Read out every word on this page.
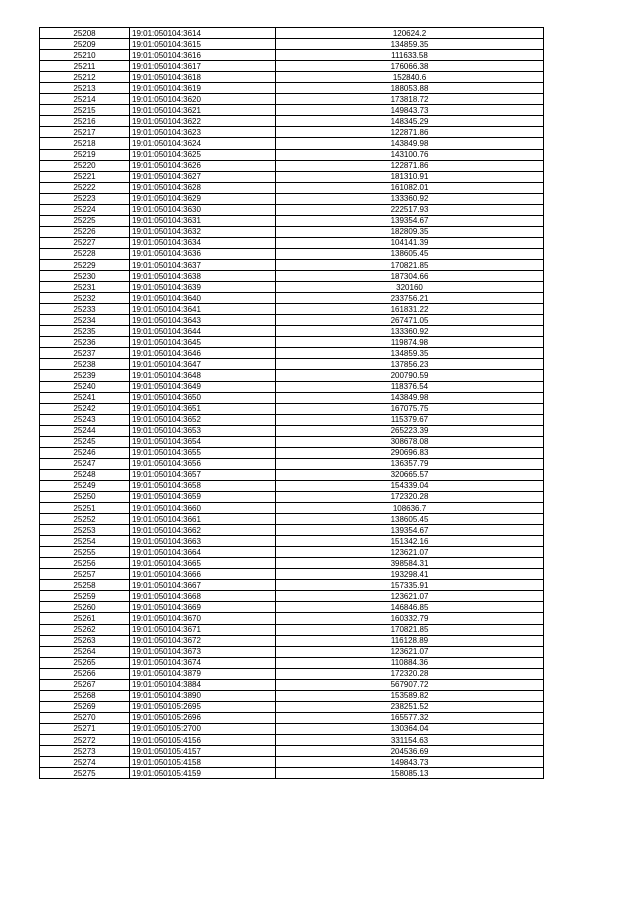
25208	19:01:050104:3614	120624.2
25209	19:01:050104:3615	134859.35
25210	19:01:050104:3616	111633.58
25211	19:01:050104:3617	176066.38
25212	19:01:050104:3618	152840.6
25213	19:01:050104:3619	188053.88
25214	19:01:050104:3620	173818.72
25215	19:01:050104:3621	149843.73
25216	19:01:050104:3622	148345.29
25217	19:01:050104:3623	122871.86
25218	19:01:050104:3624	143849.98
25219	19:01:050104:3625	143100.76
25220	19:01:050104:3626	122871.86
25221	19:01:050104:3627	181310.91
25222	19:01:050104:3628	161082.01
25223	19:01:050104:3629	133360.92
25224	19:01:050104:3630	222517.93
25225	19:01:050104:3631	139354.67
25226	19:01:050104:3632	182809.35
25227	19:01:050104:3634	104141.39
25228	19:01:050104:3636	138605.45
25229	19:01:050104:3637	170821.85
25230	19:01:050104:3638	187304.66
25231	19:01:050104:3639	320160
25232	19:01:050104:3640	233756.21
25233	19:01:050104:3641	161831.22
25234	19:01:050104:3643	267471.05
25235	19:01:050104:3644	133360.92
25236	19:01:050104:3645	119874.98
25237	19:01:050104:3646	134859.35
25238	19:01:050104:3647	137856.23
25239	19:01:050104:3648	200790.59
25240	19:01:050104:3649	118376.54
25241	19:01:050104:3650	143849.98
25242	19:01:050104:3651	167075.75
25243	19:01:050104:3652	115379.67
25244	19:01:050104:3653	265223.39
25245	19:01:050104:3654	308678.08
25246	19:01:050104:3655	290696.83
25247	19:01:050104:3656	136357.79
25248	19:01:050104:3657	320665.57
25249	19:01:050104:3658	154339.04
25250	19:01:050104:3659	172320.28
25251	19:01:050104:3660	108636.7
25252	19:01:050104:3661	138605.45
25253	19:01:050104:3662	139354.67
25254	19:01:050104:3663	151342.16
25255	19:01:050104:3664	123621.07
25256	19:01:050104:3665	398584.31
25257	19:01:050104:3666	193298.41
25258	19:01:050104:3667	157335.91
25259	19:01:050104:3668	123621.07
25260	19:01:050104:3669	146846.85
25261	19:01:050104:3670	160332.79
25262	19:01:050104:3671	170821.85
25263	19:01:050104:3672	116128.89
25264	19:01:050104:3673	123621.07
25265	19:01:050104:3674	110884.36
25266	19:01:050104:3879	172320.28
25267	19:01:050104:3884	567907.72
25268	19:01:050104:3890	153589.82
25269	19:01:050105:2695	238251.52
25270	19:01:050105:2696	165577.32
25271	19:01:050105:2700	130364.04
25272	19:01:050105:4156	331154.63
25273	19:01:050105:4157	204536.69
25274	19:01:050105:4158	149843.73
25275	19:01:050105:4159	158085.13
